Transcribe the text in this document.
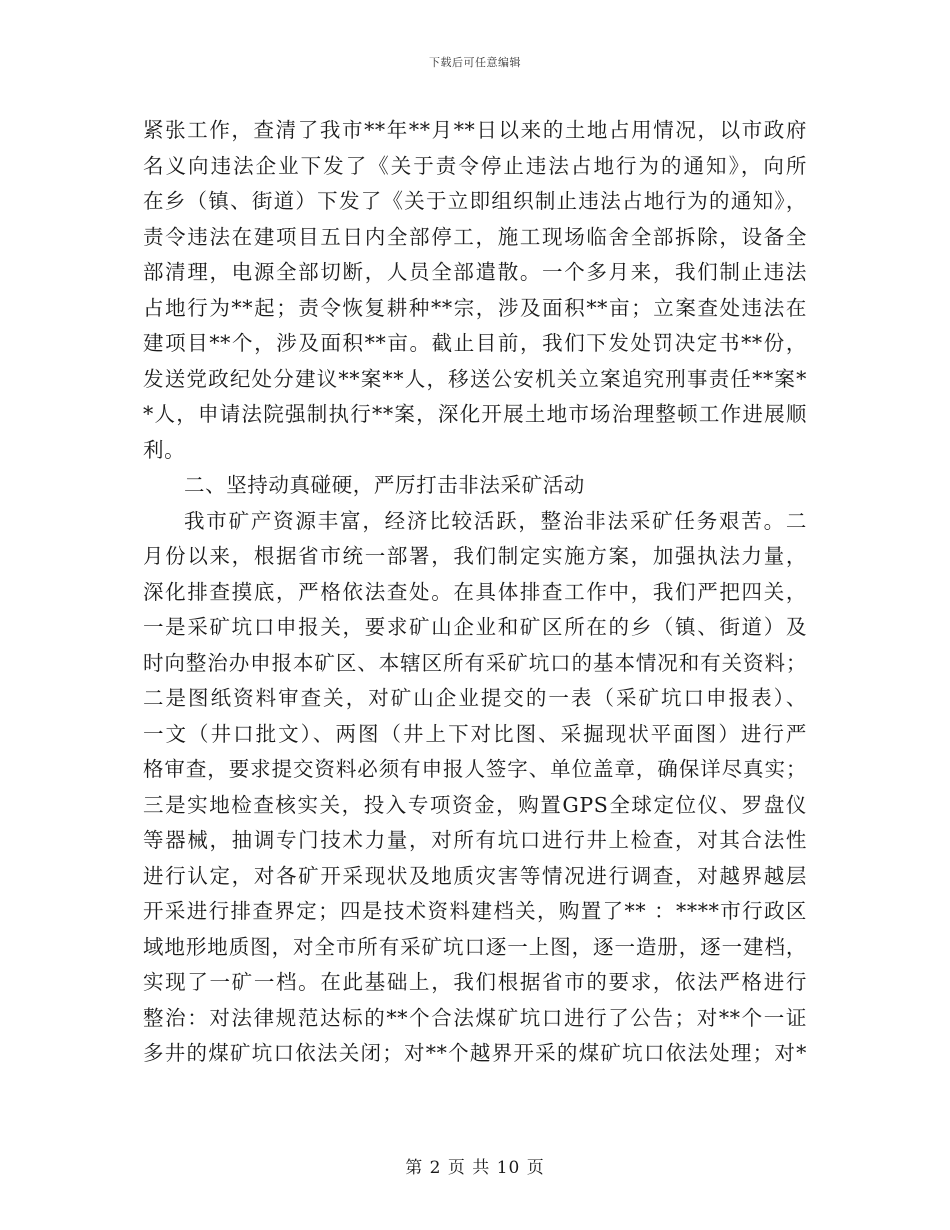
下载后可任意编辑
紧张工作，查清了我市**年**月**日以来的土地占用情况，以市政府
名义向违法企业下发了《关于责令停止违法占地行为的通知》，向所
在乡（镇、街道）下发了《关于立即组织制止违法占地行为的通知》，
责令违法在建项目五日内全部停工，施工现场临舍全部拆除，设备全
部清理，电源全部切断，人员全部遣散。一个多月来，我们制止违法
占地行为**起；责令恢复耕种**宗，涉及面积**亩；立案查处违法在
建项目**个，涉及面积**亩。截止目前，我们下发处罚决定书**份，
发送党政纪处分建议**案**人，移送公安机关立案追究刑事责任**案*
*人，申请法院强制执行**案，深化开展土地市场治理整顿工作进展顺
利。
二、坚持动真碰硬，严厉打击非法采矿活动
我市矿产资源丰富，经济比较活跃，整治非法采矿任务艰苦。二
月份以来，根据省市统一部署，我们制定实施方案，加强执法力量，
深化排查摸底，严格依法查处。在具体排查工作中，我们严把四关，
一是采矿坑口申报关，要求矿山企业和矿区所在的乡（镇、街道）及
时向整治办申报本矿区、本辖区所有采矿坑口的基本情况和有关资料；
二是图纸资料审查关，对矿山企业提交的一表（采矿坑口申报表）、
一文（井口批文）、两图（井上下对比图、采掘现状平面图）进行严
格审查，要求提交资料必须有申报人签字、单位盖章，确保详尽真实；
三是实地检查核实关，投入专项资金，购置GPS全球定位仪、罗盘仪
等器械，抽调专门技术力量，对所有坑口进行井上检查，对其合法性
进行认定，对各矿开采现状及地质灾害等情况进行调查，对越界越层
开采进行排查界定；四是技术资料建档关，购置了** ：****市行政区
域地形地质图，对全市所有采矿坑口逐一上图，逐一造册，逐一建档，
实现了一矿一档。在此基础上，我们根据省市的要求，依法严格进行
整治：对法律规范达标的**个合法煤矿坑口进行了公告；对**个一证
多井的煤矿坑口依法关闭；对**个越界开采的煤矿坑口依法处理；对*
第 2 页 共 10 页
